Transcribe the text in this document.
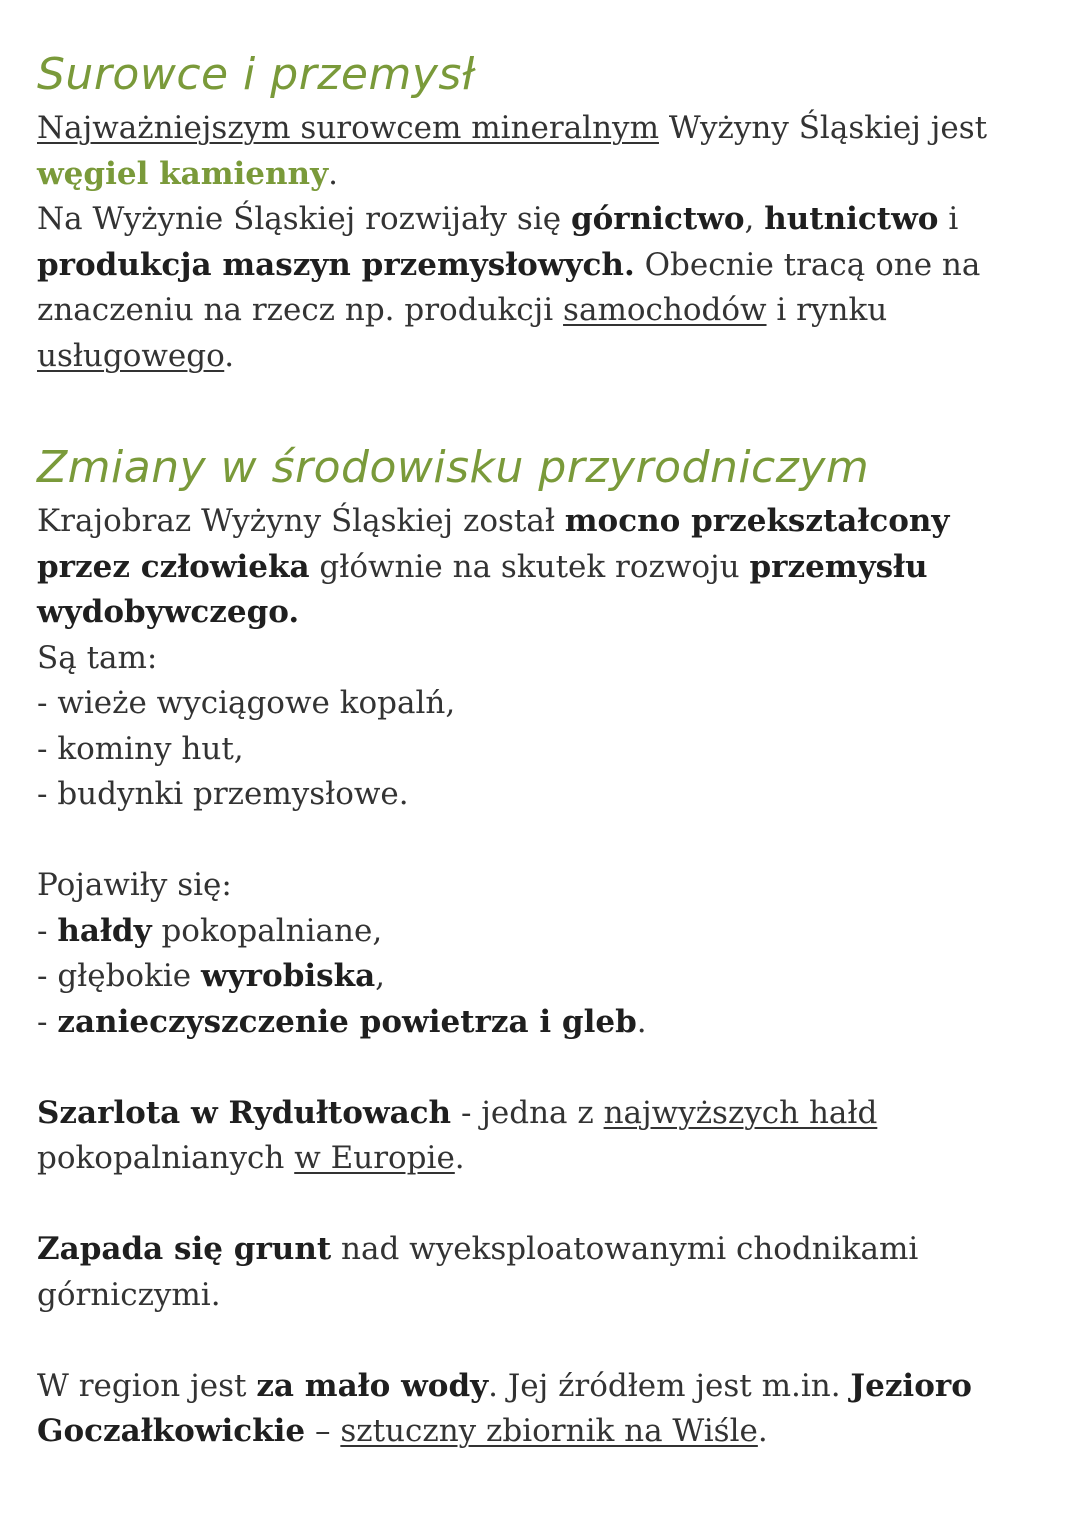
Surowce i przemysł

Najważniejszym surowcem mineralnym Wyżyny Śląskiej jest węgiel kamienny.

Na Wyżynie Śląskiej rozwijały się górnictwo, hutnictwo i produkcja maszyn przemysłowych. Obecnie tracą one na znaczeniu na rzecz np. produkcji samochodów i rynku
usługowego.

Zmiany w środowisku przyrodniczym

Krajobraz Wyżyny Śląskiej został mocno przekształcony przez człowieka głównie na skutek rozwoju przemysłu wydobywczego.

Są tam:

- wieże wyciągowe kopalń,

- kominy hut,

- budynki przemysłowe.

Pojawiły się:

- hałdy pokopalniane,

- głębokie wyrobiska,

- zanieczyszczenie powietrza i gleb.

Szarlota w Rydułtowach - jedna z najwyższych hałd
pokopalnianych w Europie.

Zapada się grunt nad wyeksploatowanymi chodnikami górniczymi.

W region jest za mało wody. Jej źródłem jest m.in. Jezioro Goczałkowickie – sztuczny zbiornik na Wiśle.
